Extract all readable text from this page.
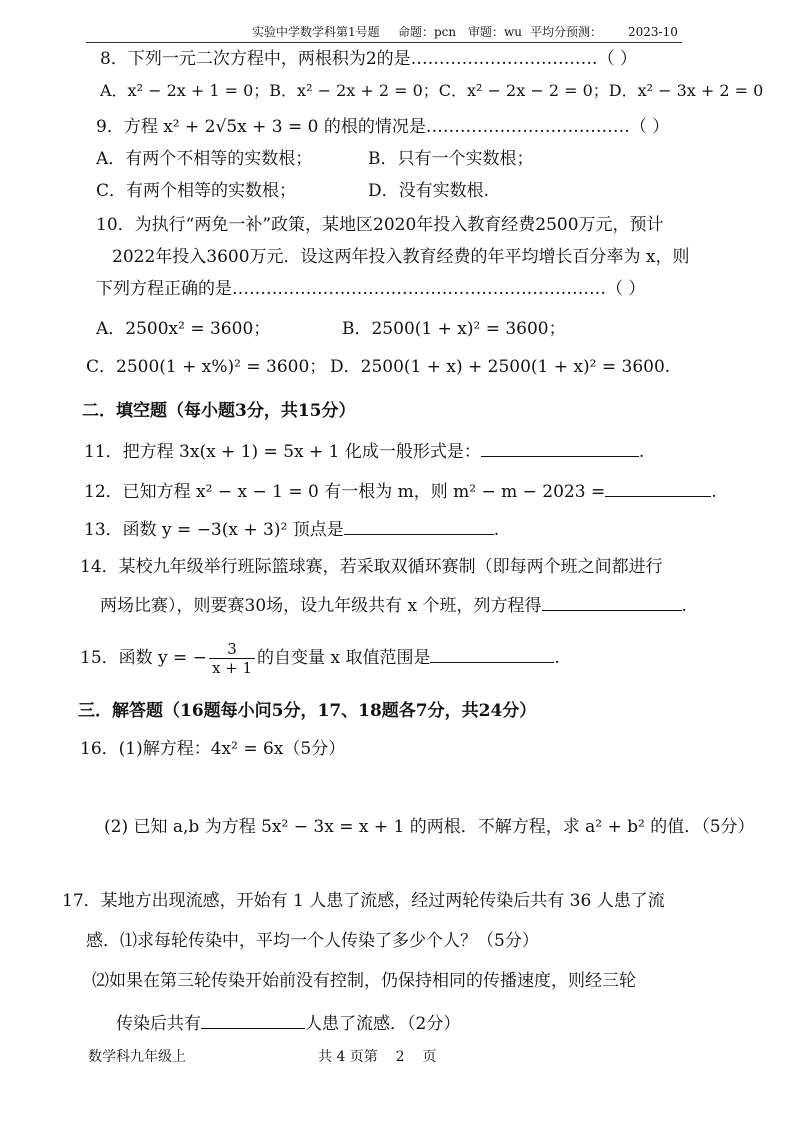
实验中学数学科第1号题 命题：pcn 审题：wu 平均分预测： 2023-10
8．下列一元二次方程中，两根积为2的是……………………………（ ）
A．x² − 2x + 1 = 0；B．x² − 2x + 2 = 0；C．x² − 2x − 2 = 0；D．x² − 3x + 2 = 0
9．方程 x² + 2√5x + 3 = 0 的根的情况是………………………………（ ）
A．有两个不相等的实数根；	B．只有一个实数根；
C．有两个相等的实数根；	D．没有实数根.
10．为执行“两免一补”政策，某地区2020年投入教育经费2500万元，预计
2022年投入3600万元．设这两年投入教育经费的年平均增长百分率为 x，则
下列方程正确的是…………………………………………………………（ ）
A．2500x² = 3600；	B．2500(1 + x)² = 3600；
C．2500(1 + x%)² = 3600； D．2500(1 + x) + 2500(1 + x)² = 3600.
二．填空题（每小题3分，共15分）
11．把方程 3x(x + 1) = 5x + 1 化成一般形式是：	.
12．已知方程 x² − x − 1 = 0 有一根为 m，则 m² − m − 2023 =	.
13．函数 y = −3(x + 3)² 顶点是	.
14．某校九年级举行班际篮球赛，若采取双循环赛制（即每两个班之间都进行
两场比赛），则要赛30场，设九年级共有 x 个班，列方程得	.
15．函数 y = − $\frac{3}{x + 1}$ 的自变量 x 取值范围是	.
三．解答题（16题每小问5分，17、18题各7分，共24分）
16．(1)解方程：4x² = 6x（5分）
(2) 已知 a,b 为方程 5x² − 3x = x + 1 的两根．不解方程，求 a² + b² 的值．（5分）
17．某地方出现流感，开始有 1 人患了流感，经过两轮传染后共有 36 人患了流
感．⑴求每轮传染中，平均一个人传染了多少个人？（5分）
⑵如果在第三轮传染开始前没有控制，仍保持相同的传播速度，则经三轮
传染后共有	人患了流感．（2分）
数学科九年级上	共 4 页第    2    页
